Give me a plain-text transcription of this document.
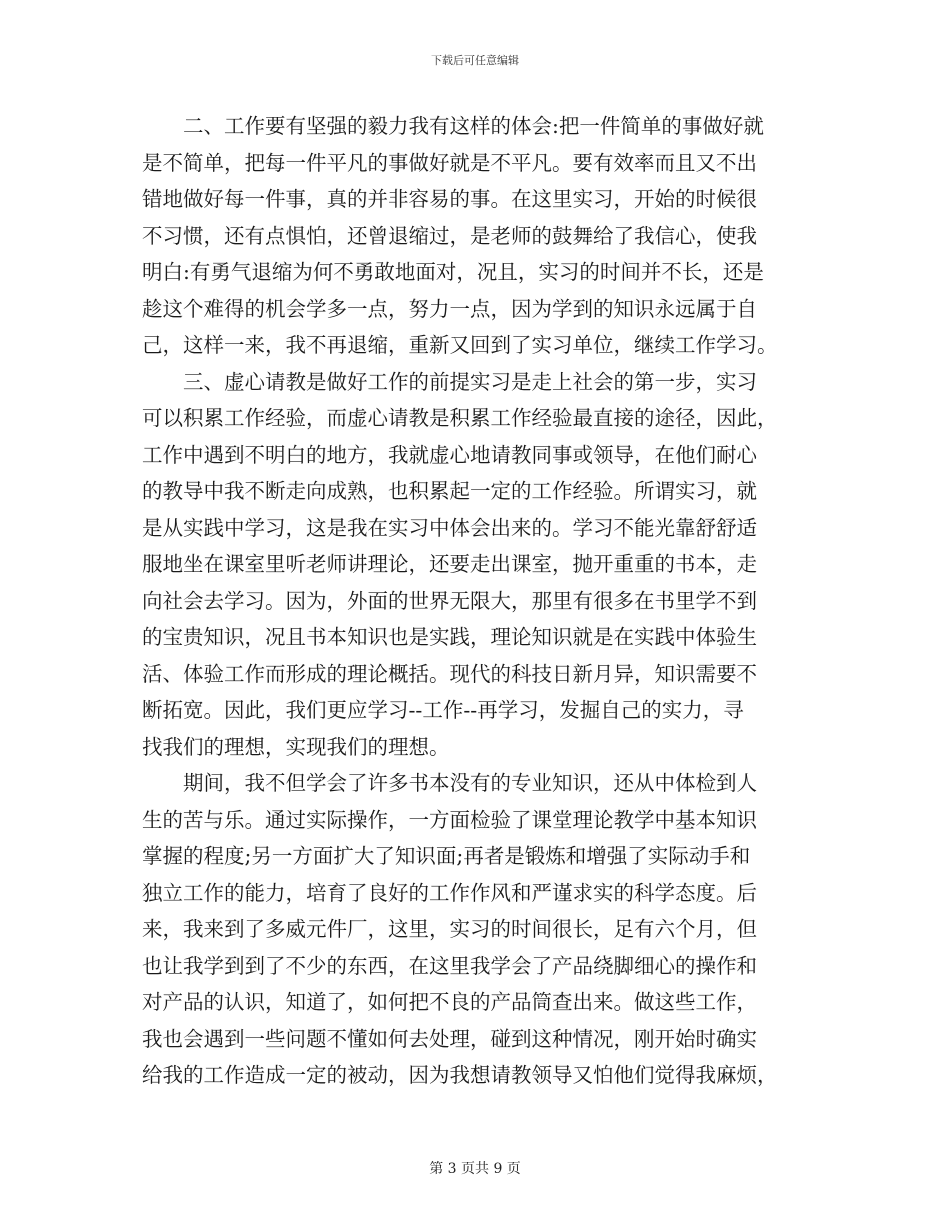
下载后可任意编辑
　　二、工作要有坚强的毅力我有这样的体会:把一件简单的事做好就
是不简单，把每一件平凡的事做好就是不平凡。要有效率而且又不出
错地做好每一件事，真的并非容易的事。在这里实习，开始的时候很
不习惯，还有点惧怕，还曾退缩过，是老师的鼓舞给了我信心，使我
明白:有勇气退缩为何不勇敢地面对，况且，实习的时间并不长，还是
趁这个难得的机会学多一点，努力一点，因为学到的知识永远属于自
己，这样一来，我不再退缩，重新又回到了实习单位，继续工作学习。
　　三、虚心请教是做好工作的前提实习是走上社会的第一步，实习
可以积累工作经验，而虚心请教是积累工作经验最直接的途径，因此，
工作中遇到不明白的地方，我就虚心地请教同事或领导，在他们耐心
的教导中我不断走向成熟，也积累起一定的工作经验。所谓实习，就
是从实践中学习，这是我在实习中体会出来的。学习不能光靠舒舒适
服地坐在课室里听老师讲理论，还要走出课室，抛开重重的书本，走
向社会去学习。因为，外面的世界无限大，那里有很多在书里学不到
的宝贵知识，况且书本知识也是实践，理论知识就是在实践中体验生
活、体验工作而形成的理论概括。现代的科技日新月异，知识需要不
断拓宽。因此，我们更应学习--工作--再学习，发掘自己的实力，寻
找我们的理想，实现我们的理想。
　　期间，我不但学会了许多书本没有的专业知识，还从中体检到人
生的苦与乐。通过实际操作，一方面检验了课堂理论教学中基本知识
掌握的程度;另一方面扩大了知识面;再者是锻炼和增强了实际动手和
独立工作的能力，培育了良好的工作作风和严谨求实的科学态度。后
来，我来到了多威元件厂，这里，实习的时间很长，足有六个月，但
也让我学到到了不少的东西，在这里我学会了产品绕脚细心的操作和
对产品的认识，知道了，如何把不良的产品筒查出来。做这些工作，
我也会遇到一些问题不懂如何去处理，碰到这种情况，刚开始时确实
给我的工作造成一定的被动，因为我想请教领导又怕他们觉得我麻烦，
第 3 页共 9 页
